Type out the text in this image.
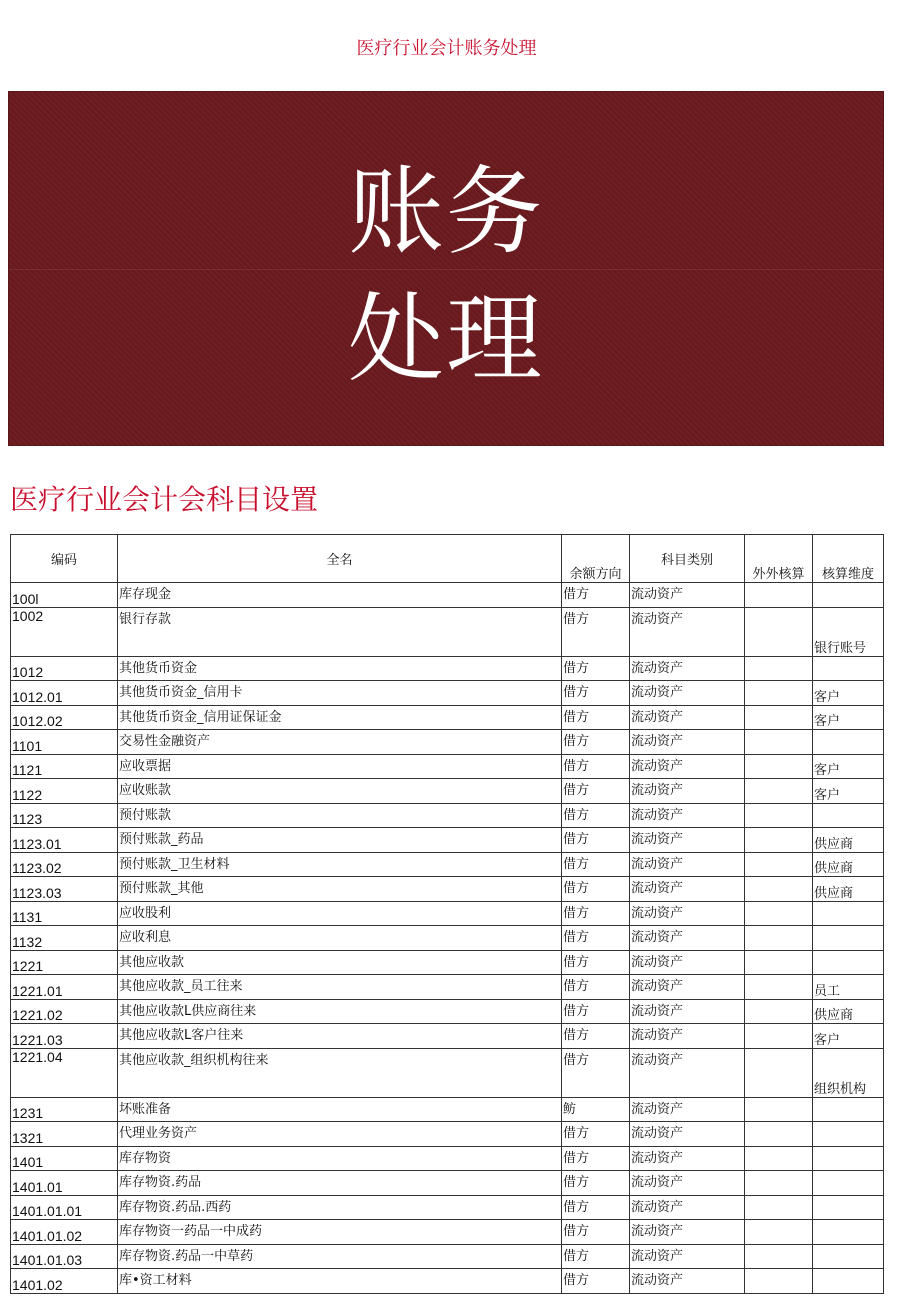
医疗行业会计账务处理
账务
处理
医疗行业会计会科目设置
编码	全名	余额方向	科目类别	外外核算	核算维度
100l	库存现金	借方	流动资产		
1002	银行存款	借方	流动资产		银行账号
1012	其他货币资金	借方	流动资产		
1012.01	其他货币资金_信用卡	借方	流动资产		客户
1012.02	其他货币资金_信用证保证金	借方	流动资产		客户
1101	交易性金融资产	借方	流动资产		
1121	应收票据	借方	流动资产		客户
1122	应收账款	借方	流动资产		客户
1123	预付账款	借方	流动资产		
1123.01	预付账款_药品	借方	流动资产		供应商
1123.02	预付账款_卫生材料	借方	流动资产		供应商
1123.03	预付账款_其他	借方	流动资产		供应商
1131	应收股利	借方	流动资产		
1132	应收利息	借方	流动资产		
1221	其他应收款	借方	流动资产		
1221.01	其他应收款_员工往来	借方	流动资产		员工
1221.02	其他应收款L供应商往来	借方	流动资产		供应商
1221.03	其他应收款L客户往来	借方	流动资产		客户
1221.04	其他应收款_组织机构往来	借方	流动资产		组织机构
1231	坏账准备	鲂	流动资产		
1321	代理业务资产	借方	流动资产		
1401	库存物资	借方	流动资产		
1401.01	库存物资.药品	借方	流动资产		
1401.01.01	库存物资.药品.西药	借方	流动资产		
1401.01.02	库存物资一药品一中成药	借方	流动资产		
1401.01.03	库存物资.药品一中草药	借方	流动资产		
1401.02	库•资工材料	借方	流动资产		
